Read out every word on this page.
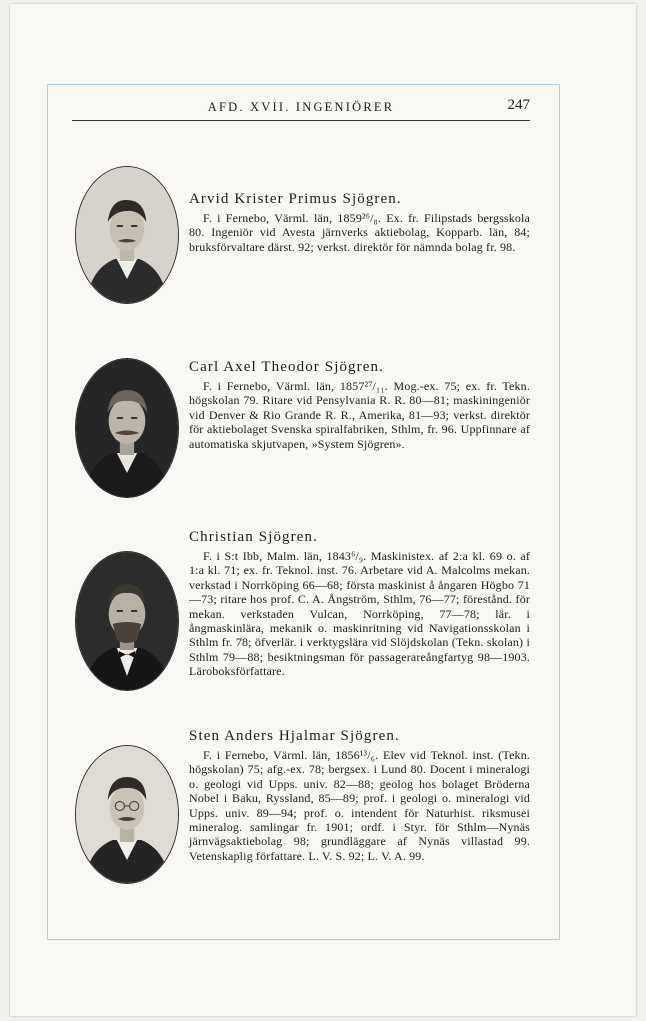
AFD. XVII. INGENIÖRER	247
Arvid Krister Primus Sjögren.
F. i Fernebo, Värml. län, 1859²⁶/₈. Ex. fr. Filipstads bergsskola 80. Ingeniör vid Avesta järnverks aktiebolag, Kopparb. län, 84; bruksförvaltare därst. 92; verkst. direktör för nämnda bolag fr. 98.
Carl Axel Theodor Sjögren.
F. i Fernebo, Värml. län, 1857²⁷/₁₁. Mog.-ex. 75; ex. fr. Tekn. högskolan 79. Ritare vid Pensylvania R. R. 80—81; maskiningeniör vid Denver & Rio Grande R. R., Amerika, 81—93; verkst. direktör för aktiebolaget Svenska spiralfabriken, Sthlm, fr. 96. Uppfinnare af automatiska skjutvapen, »System Sjögren».
Christian Sjögren.
F. i S:t Ibb, Malm. län, 1843⁶/₉. Maskinistex. af 2:a kl. 69 o. af 1:a kl. 71; ex. fr. Teknol. inst. 76. Arbetare vid A. Malcolms mekan. verkstad i Norrköping 66—68; första maskinist å ångaren Högbo 71—73; ritare hos prof. C. A. Ångström, Sthlm, 76—77; förestånd. för mekan. verkstaden Vulcan, Norrköping, 77—78; lär. i ångmaskinlära, mekanik o. maskinritning vid Navigationsskolan i Sthlm fr. 78; öfverlär. i verktygslära vid Slöjdskolan (Tekn. skolan) i Sthlm 79—88; besiktningsman för passagerareångfartyg 98—1903. Läroboksförfattare.
Sten Anders Hjalmar Sjögren.
F. i Fernebo, Värml. län, 1856¹³/₆. Elev vid Teknol. inst. (Tekn. högskolan) 75; afg.-ex. 78; bergsex. i Lund 80. Docent i mineralogi o. geologi vid Upps. univ. 82—88; geolog hos bolaget Bröderna Nobel i Baku, Ryssland, 85—89; prof. i geologi o. mineralogi vid Upps. univ. 89—94; prof. o. intendent för Naturhist. riksmusei mineralog. samlingar fr. 1901; ordf. i Styr. för Sthlm—Nynäs järnvägsaktiebolag 98; grundläggare af Nynäs villastad 99. Vetenskaplig författare. L. V. S. 92; L. V. A. 99.
